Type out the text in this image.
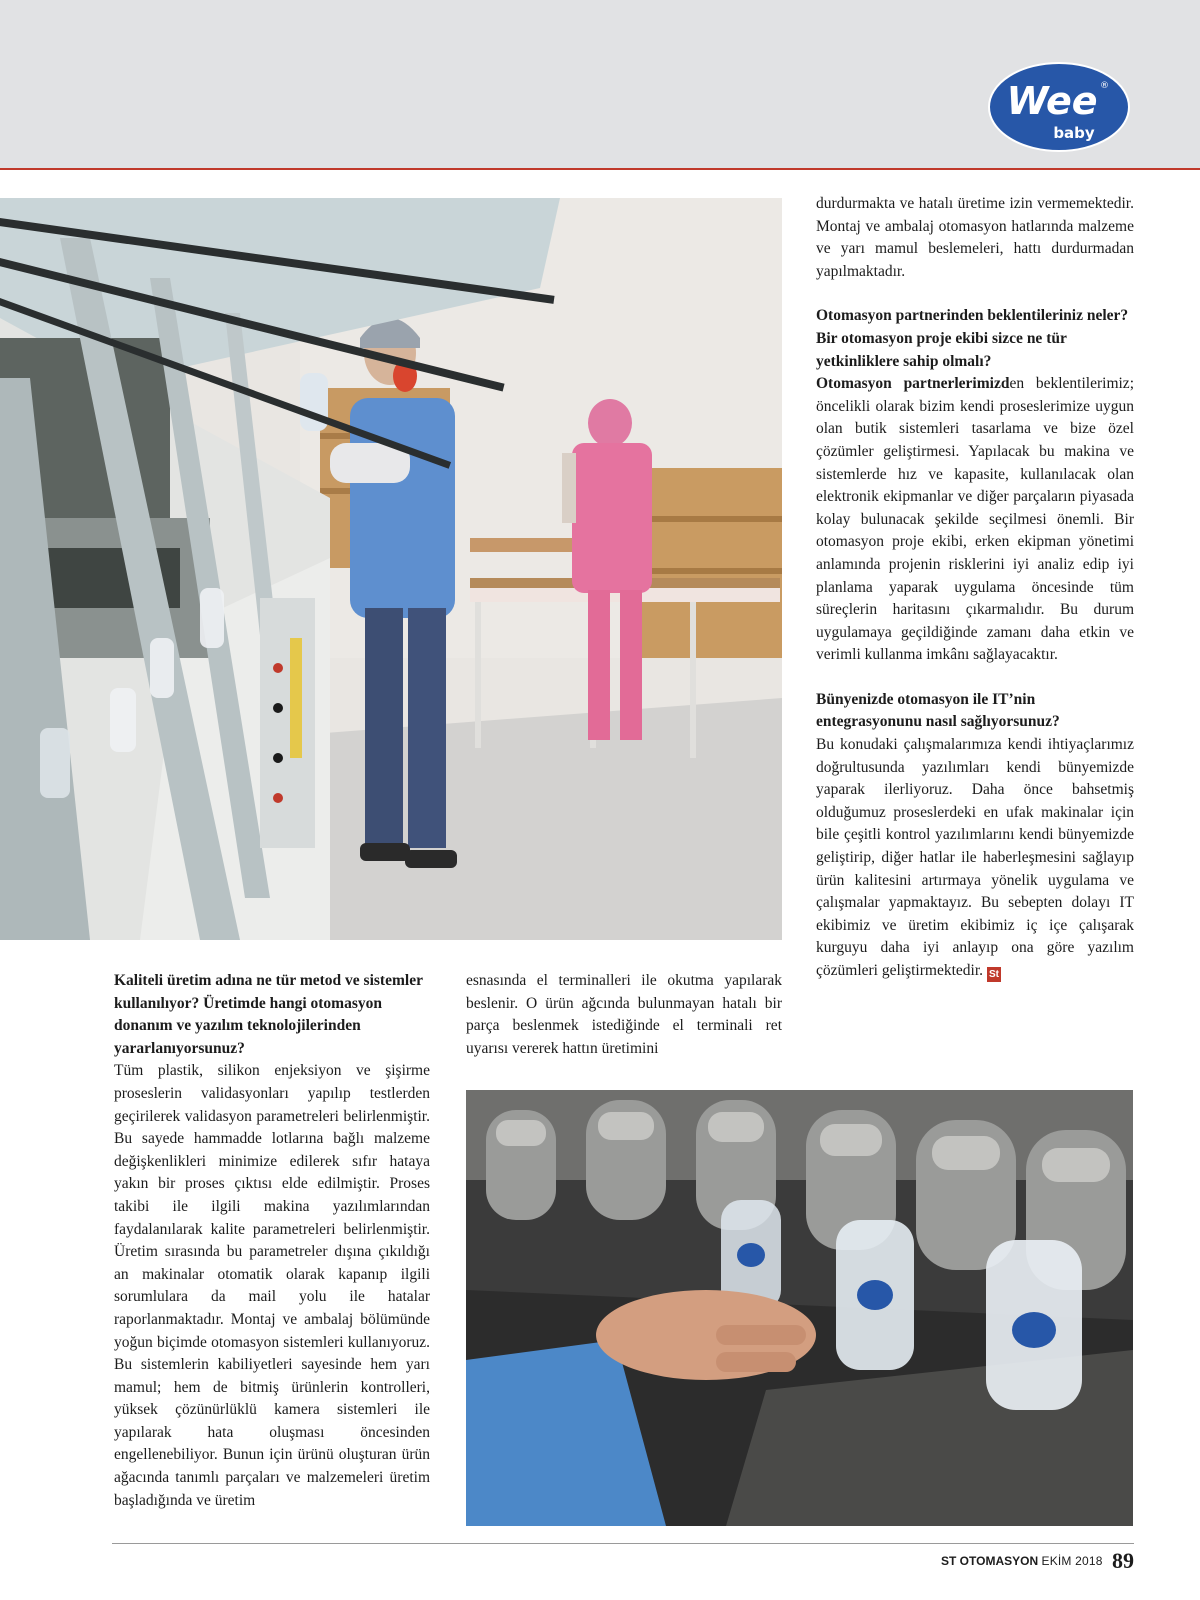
Wee ®
baby

Kaliteli üretim adına ne tür metod ve sistemler kullanılıyor? Üretimde hangi otomasyon donanım ve yazılım teknolojilerinden yararlanıyorsunuz?

Tüm plastik, silikon enjeksiyon ve şişirme proseslerin validasyonları yapılıp testlerden geçirilerek validasyon parametreleri belirlenmiştir. Bu sayede hammadde lotlarına bağlı malzeme değişkenlikleri minimize edilerek sıfır hataya yakın bir proses çıktısı elde edilmiştir. Proses takibi ile ilgili makina yazılımlarından faydalanılarak kalite parametreleri belirlenmiştir. Üretim sırasında bu parametreler dışına çıkıldığı an makinalar otomatik olarak kapanıp ilgili sorumlulara da mail yolu ile hatalar raporlanmaktadır. Montaj ve ambalaj bölümünde yoğun biçimde otomasyon sistemleri kullanıyoruz. Bu sistemlerin kabiliyetleri sayesinde hem yarı mamul; hem de bitmiş ürünlerin kontrolleri, yüksek çözünürlüklü kamera sistemleri ile yapılarak hata oluşması öncesinden engellenebiliyor. Bunun için ürünü oluşturan ürün ağacında tanımlı parçaları ve malzemeleri üretim başladığında ve üretim

esnasında el terminalleri ile okutma yapılarak beslenir. O ürün ağcında bulunmayan hatalı bir parça beslenmek istediğinde el terminali ret uyarısı vererek hattın üretimini

durdurmakta ve hatalı üretime izin vermemektedir. Montaj ve ambalaj otomasyon hatlarında malzeme ve yarı mamul beslemeleri, hattı durdurmadan yapılmaktadır.

Otomasyon partnerinden beklentileriniz neler? Bir otomasyon proje ekibi sizce ne tür yetkinliklere sahip olmalı?

Otomasyon partnerlerimizden beklentilerimiz; öncelikli olarak bizim kendi proseslerimize uygun olan butik sistemleri tasarlama ve bize özel çözümler geliştirmesi. Yapılacak bu makina ve sistemlerde hız ve kapasite, kullanılacak olan elektronik ekipmanlar ve diğer parçaların piyasada kolay bulunacak şekilde seçilmesi önemli. Bir otomasyon proje ekibi, erken ekipman yönetimi anlamında projenin risklerini iyi analiz edip iyi planlama yaparak uygulama öncesinde tüm süreçlerin haritasını çıkarmalıdır. Bu durum uygulamaya geçildiğinde zamanı daha etkin ve verimli kullanma imkânı sağlayacaktır.

Bünyenizde otomasyon ile IT’nin entegrasyonunu nasıl sağlıyorsunuz?

Bu konudaki çalışmalarımıza kendi ihtiyaçlarımız doğrultusunda yazılımları kendi bünyemizde yaparak ilerliyoruz. Daha önce bahsetmiş olduğumuz proseslerdeki en ufak makinalar için bile çeşitli kontrol yazılımlarını kendi bünyemizde geliştirip, diğer hatlar ile haberleşmesini sağlayıp ürün kalitesini artırmaya yönelik uygulama ve çalışmalar yapmaktayız. Bu sebepten dolayı IT ekibimiz ve üretim ekibimiz iç içe çalışarak kurguyu daha iyi anlayıp ona göre yazılım çözümleri geliştirmektedir. St

ST OTOMASYON EKİM 2018 89
